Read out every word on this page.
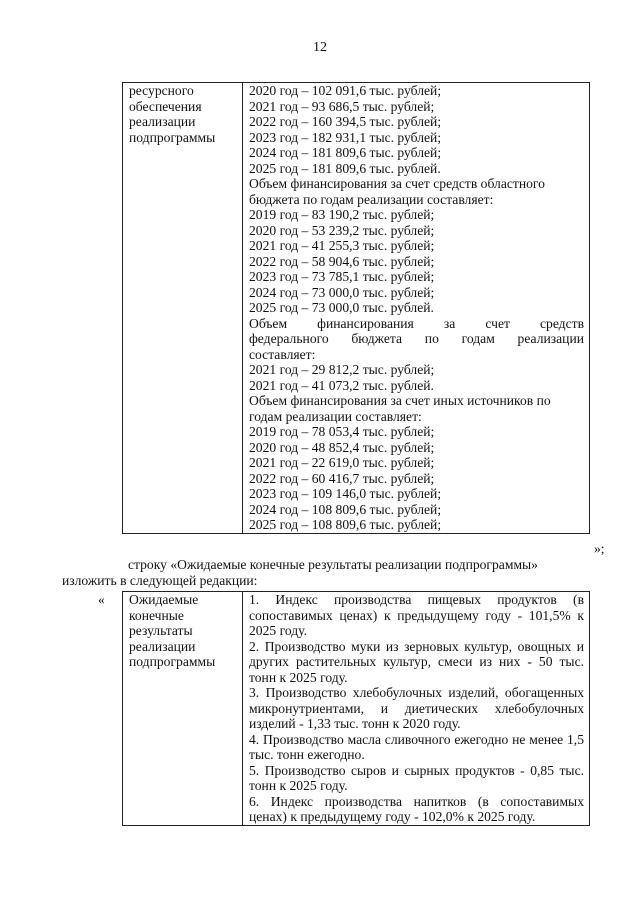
12
ресурсного
обеспечения
реализации
подпрограммы

2020 год – 102 091,6 тыс. рублей;
2021 год – 93 686,5 тыс. рублей;
2022 год – 160 394,5 тыс. рублей;
2023 год – 182 931,1 тыс. рублей;
2024 год – 181 809,6 тыс. рублей;
2025 год – 181 809,6 тыс. рублей.
Объем финансирования за счет средств областного
бюджета по годам реализации составляет:
2019 год – 83 190,2 тыс. рублей;
2020 год – 53 239,2 тыс. рублей;
2021 год – 41 255,3 тыс. рублей;
2022 год – 58 904,6 тыс. рублей;
2023 год – 73 785,1 тыс. рублей;
2024 год – 73 000,0 тыс. рублей;
2025 год – 73 000,0 тыс. рублей.
Объем финансирования за счет средств
федерального бюджета по годам реализации
составляет:
2021 год – 29 812,2 тыс. рублей;
2021 год – 41 073,2 тыс. рублей.
Объем финансирования за счет иных источников по
годам реализации составляет:
2019 год – 78 053,4 тыс. рублей;
2020 год – 48 852,4 тыс. рублей;
2021 год – 22 619,0 тыс. рублей;
2022 год – 60 416,7 тыс. рублей;
2023 год – 109 146,0 тыс. рублей;
2024 год – 108 809,6 тыс. рублей;
2025 год – 108 809,6 тыс. рублей;
»;
строку «Ожидаемые конечные результаты реализации подпрограммы»
изложить в следующей редакции:
« Ожидаемые
конечные
результаты
реализации
подпрограммы

1. Индекс производства пищевых продуктов (в сопоставимых ценах) к предыдущему году - 101,5% к 2025 году.
2. Производство муки из зерновых культур, овощных и других растительных культур, смеси из них - 50 тыс. тонн к 2025 году.
3. Производство хлебобулочных изделий, обогащенных микронутриентами, и диетических хлебобулочных изделий - 1,33 тыс. тонн к 2020 году.
4. Производство масла сливочного ежегодно не менее 1,5 тыс. тонн ежегодно.
5. Производство сыров и сырных продуктов - 0,85 тыс. тонн к 2025 году.
6. Индекс производства напитков (в сопоставимых ценах) к предыдущему году - 102,0% к 2025 году.
